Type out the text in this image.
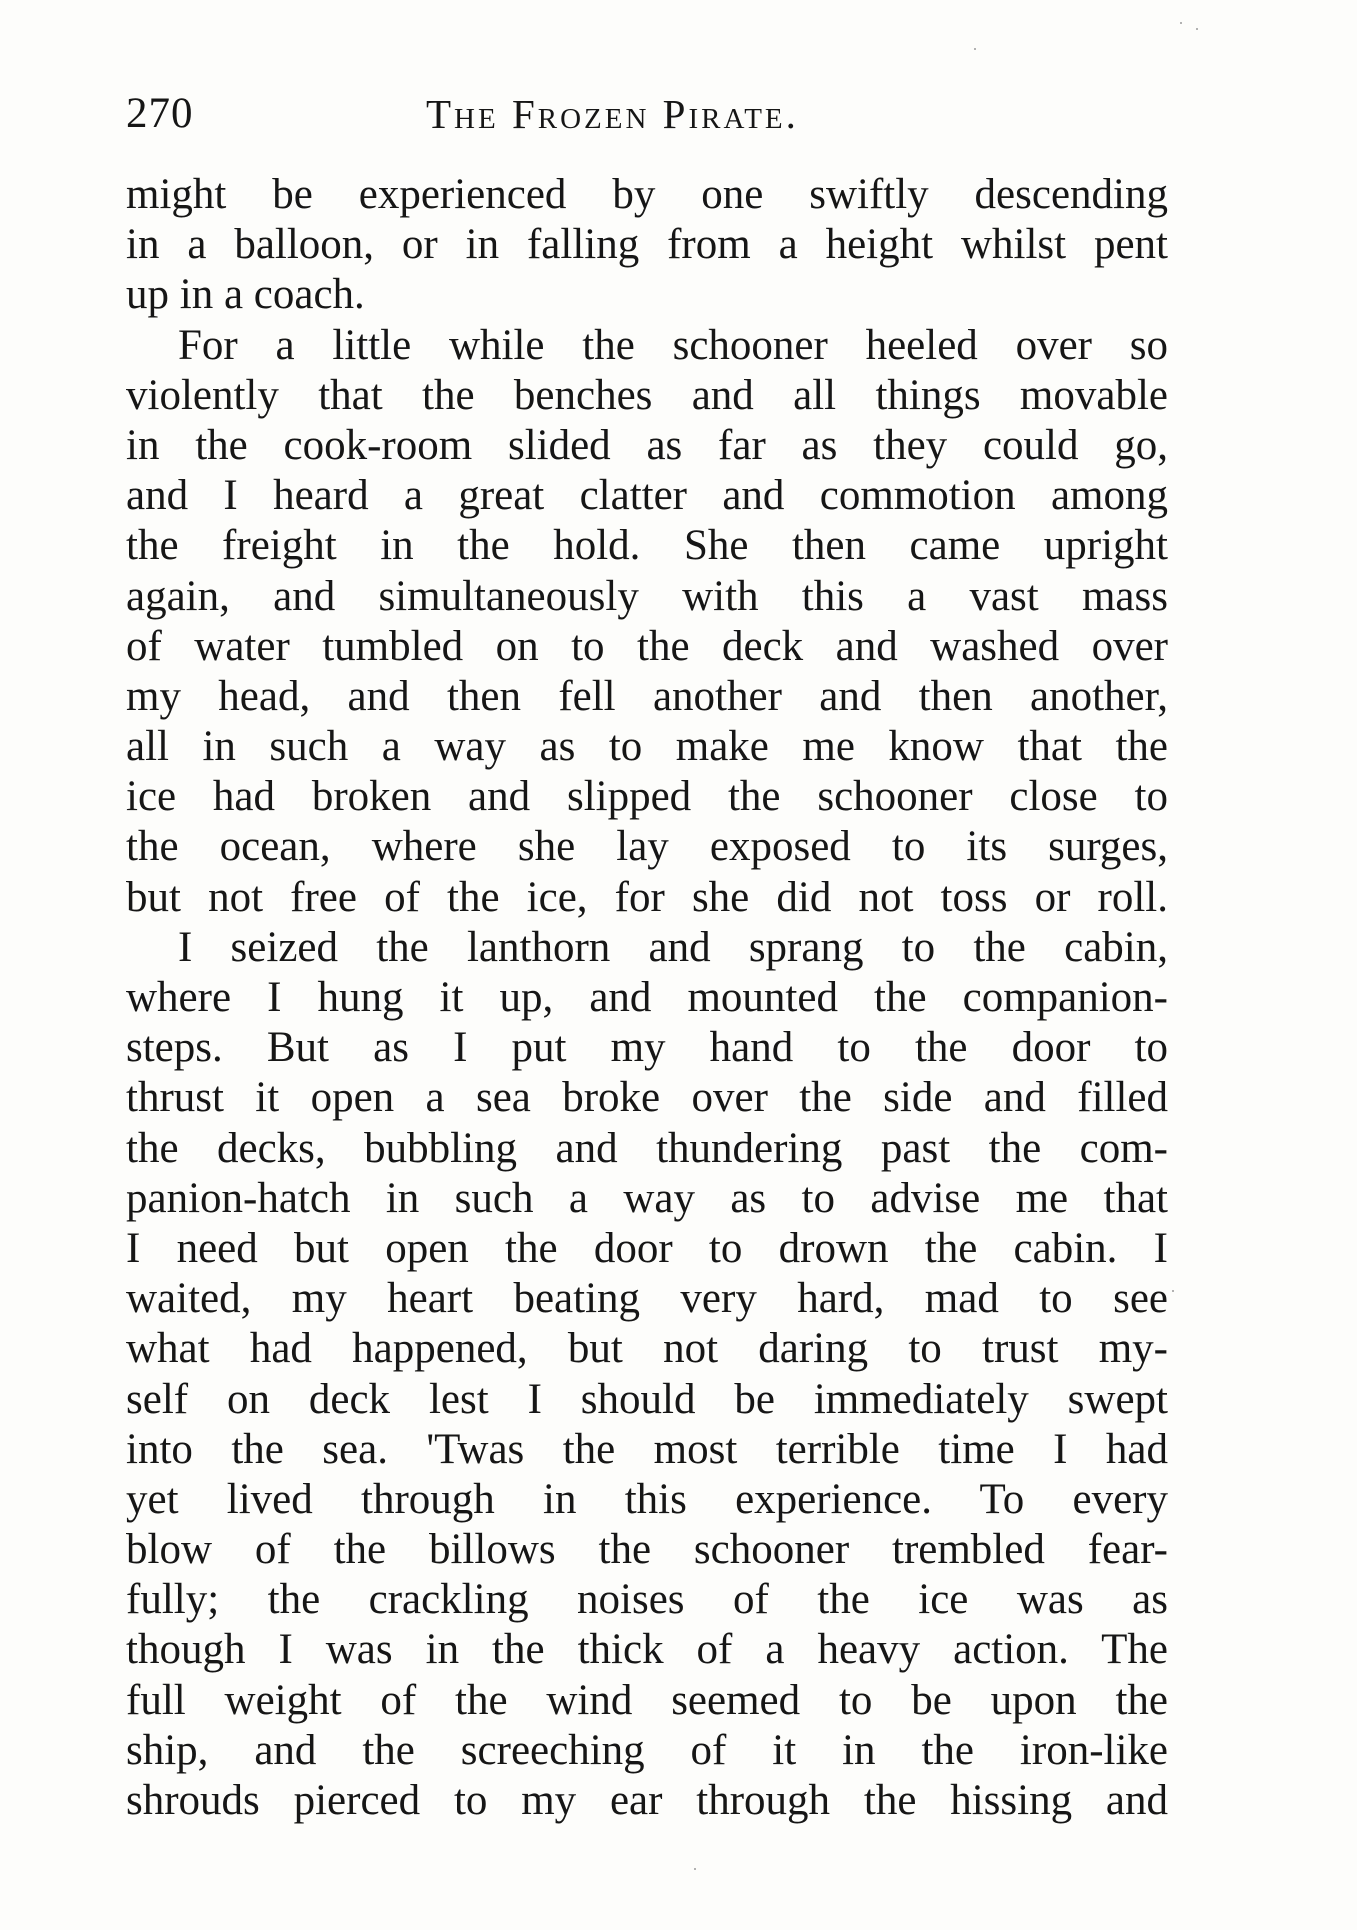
270	The Frozen Pirate.
might be experienced by one swiftly descending
in a balloon, or in falling from a height whilst pent
up in a coach.
For a little while the schooner heeled over so
violently that the benches and all things movable
in the cook-room slided as far as they could go,
and I heard a great clatter and commotion among
the freight in the hold. She then came upright
again, and simultaneously with this a vast mass
of water tumbled on to the deck and washed over
my head, and then fell another and then another,
all in such a way as to make me know that the
ice had broken and slipped the schooner close to
the ocean, where she lay exposed to its surges,
but not free of the ice, for she did not toss or roll.
I seized the lanthorn and sprang to the cabin,
where I hung it up, and mounted the companion-
steps. But as I put my hand to the door to
thrust it open a sea broke over the side and filled
the decks, bubbling and thundering past the com-
panion-hatch in such a way as to advise me that
I need but open the door to drown the cabin. I
waited, my heart beating very hard, mad to see
what had happened, but not daring to trust my-
self on deck lest I should be immediately swept
into the sea. 'Twas the most terrible time I had
yet lived through in this experience. To every
blow of the billows the schooner trembled fear-
fully; the crackling noises of the ice was as
though I was in the thick of a heavy action. The
full weight of the wind seemed to be upon the
ship, and the screeching of it in the iron-like
shrouds pierced to my ear through the hissing and
